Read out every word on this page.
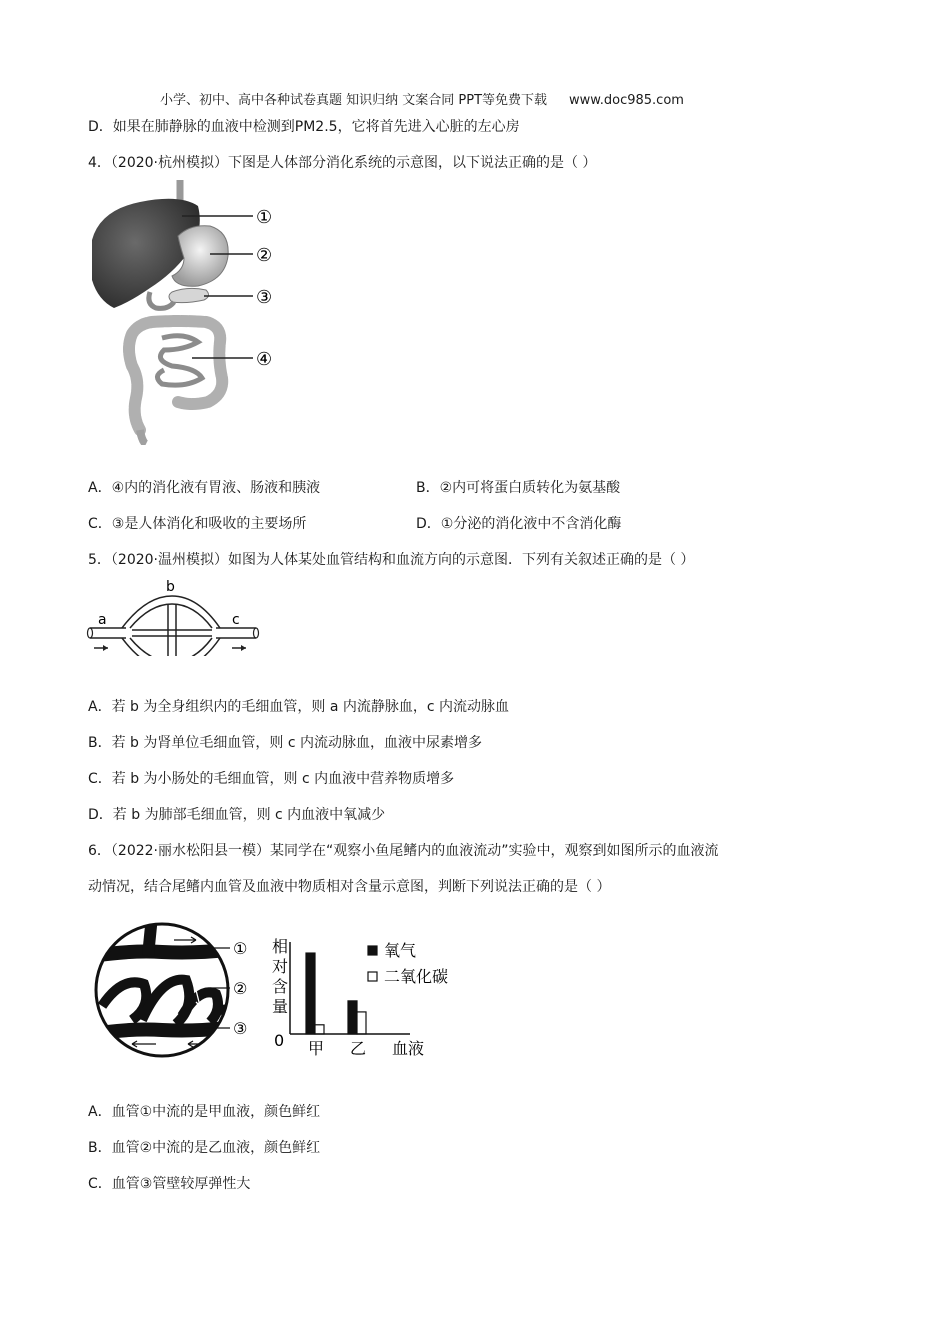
小学、初中、高中各种试卷真题 知识归纳 文案合同 PPT等免费下载 www.doc985.com
D．如果在肺静脉的血液中检测到PM2.5，它将首先进入心脏的左心房
4．（2020·杭州模拟）下图是人体部分消化系统的示意图，以下说法正确的是（ ）
①
②
③
④
A．④内的消化液有胃液、肠液和胰液	B．②内可将蛋白质转化为氨基酸
C．③是人体消化和吸收的主要场所	D．①分泌的消化液中不含消化酶
5．（2020·温州模拟）如图为人体某处血管结构和血流方向的示意图．下列有关叙述正确的是（ ）
a
b
c
A．若 b 为全身组织内的毛细血管，则 a 内流静脉血，c 内流动脉血
B．若 b 为肾单位毛细血管，则 c 内流动脉血，血液中尿素增多
C．若 b 为小肠处的毛细血管，则 c 内血液中营养物质增多
D．若 b 为肺部毛细血管，则 c 内血液中氧减少
6．（2022·丽水松阳县一模）某同学在“观察小鱼尾鳍内的血液流动”实验中，观察到如图所示的血液流
动情况，结合尾鳍内血管及血液中物质相对含量示意图，判断下列说法正确的是（ ）
①
②
③
相对含量
0 甲 乙 血液
氧气
二氧化碳
A．血管①中流的是甲血液，颜色鲜红
B．血管②中流的是乙血液，颜色鲜红
C．血管③管壁较厚弹性大
